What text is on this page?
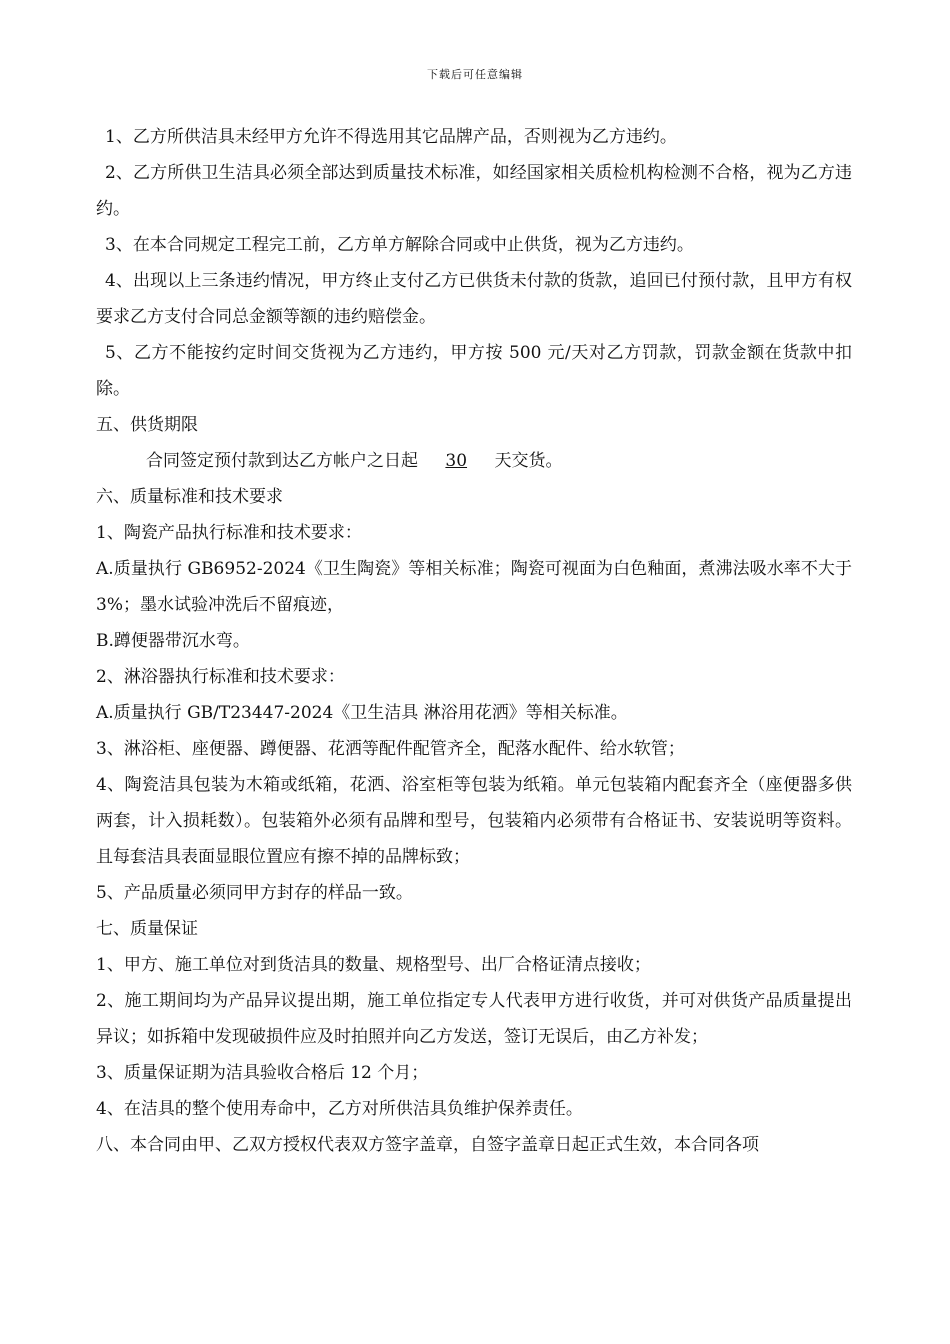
下载后可任意编辑
1、乙方所供洁具未经甲方允许不得选用其它品牌产品，否则视为乙方违约。
2、乙方所供卫生洁具必须全部达到质量技术标准，如经国家相关质检机构检测不合格，视为乙方违约。
3、在本合同规定工程完工前，乙方单方解除合同或中止供货，视为乙方违约。
4、出现以上三条违约情况，甲方终止支付乙方已供货未付款的货款，追回已付预付款，且甲方有权要求乙方支付合同总金额等额的违约赔偿金。
5、乙方不能按约定时间交货视为乙方违约，甲方按 500 元/天对乙方罚款，罚款金额在货款中扣除。
五、供货期限
合同签定预付款到达乙方帐户之日起 30 天交货。
六、质量标准和技术要求
1、陶瓷产品执行标准和技术要求：
A.质量执行 GB6952-2024《卫生陶瓷》等相关标准；陶瓷可视面为白色釉面，煮沸法吸水率不大于 3%；墨水试验冲洗后不留痕迹，
B.蹲便器带沉水弯。
2、淋浴器执行标准和技术要求：
A.质量执行 GB/T23447-2024《卫生洁具 淋浴用花洒》等相关标准。
3、淋浴柜、座便器、蹲便器、花洒等配件配管齐全，配落水配件、给水软管；
4、陶瓷洁具包装为木箱或纸箱，花洒、浴室柜等包装为纸箱。单元包装箱内配套齐全（座便器多供两套，计入损耗数）。包装箱外必须有品牌和型号，包装箱内必须带有合格证书、安装说明等资料。且每套洁具表面显眼位置应有擦不掉的品牌标致；
5、产品质量必须同甲方封存的样品一致。
七、质量保证
1、甲方、施工单位对到货洁具的数量、规格型号、出厂合格证清点接收；
2、施工期间均为产品异议提出期，施工单位指定专人代表甲方进行收货，并可对供货产品质量提出异议；如拆箱中发现破损件应及时拍照并向乙方发送，签订无误后，由乙方补发；
3、质量保证期为洁具验收合格后 12 个月；
4、在洁具的整个使用寿命中，乙方对所供洁具负维护保养责任。
八、本合同由甲、乙双方授权代表双方签字盖章，自签字盖章日起正式生效，本合同各项
